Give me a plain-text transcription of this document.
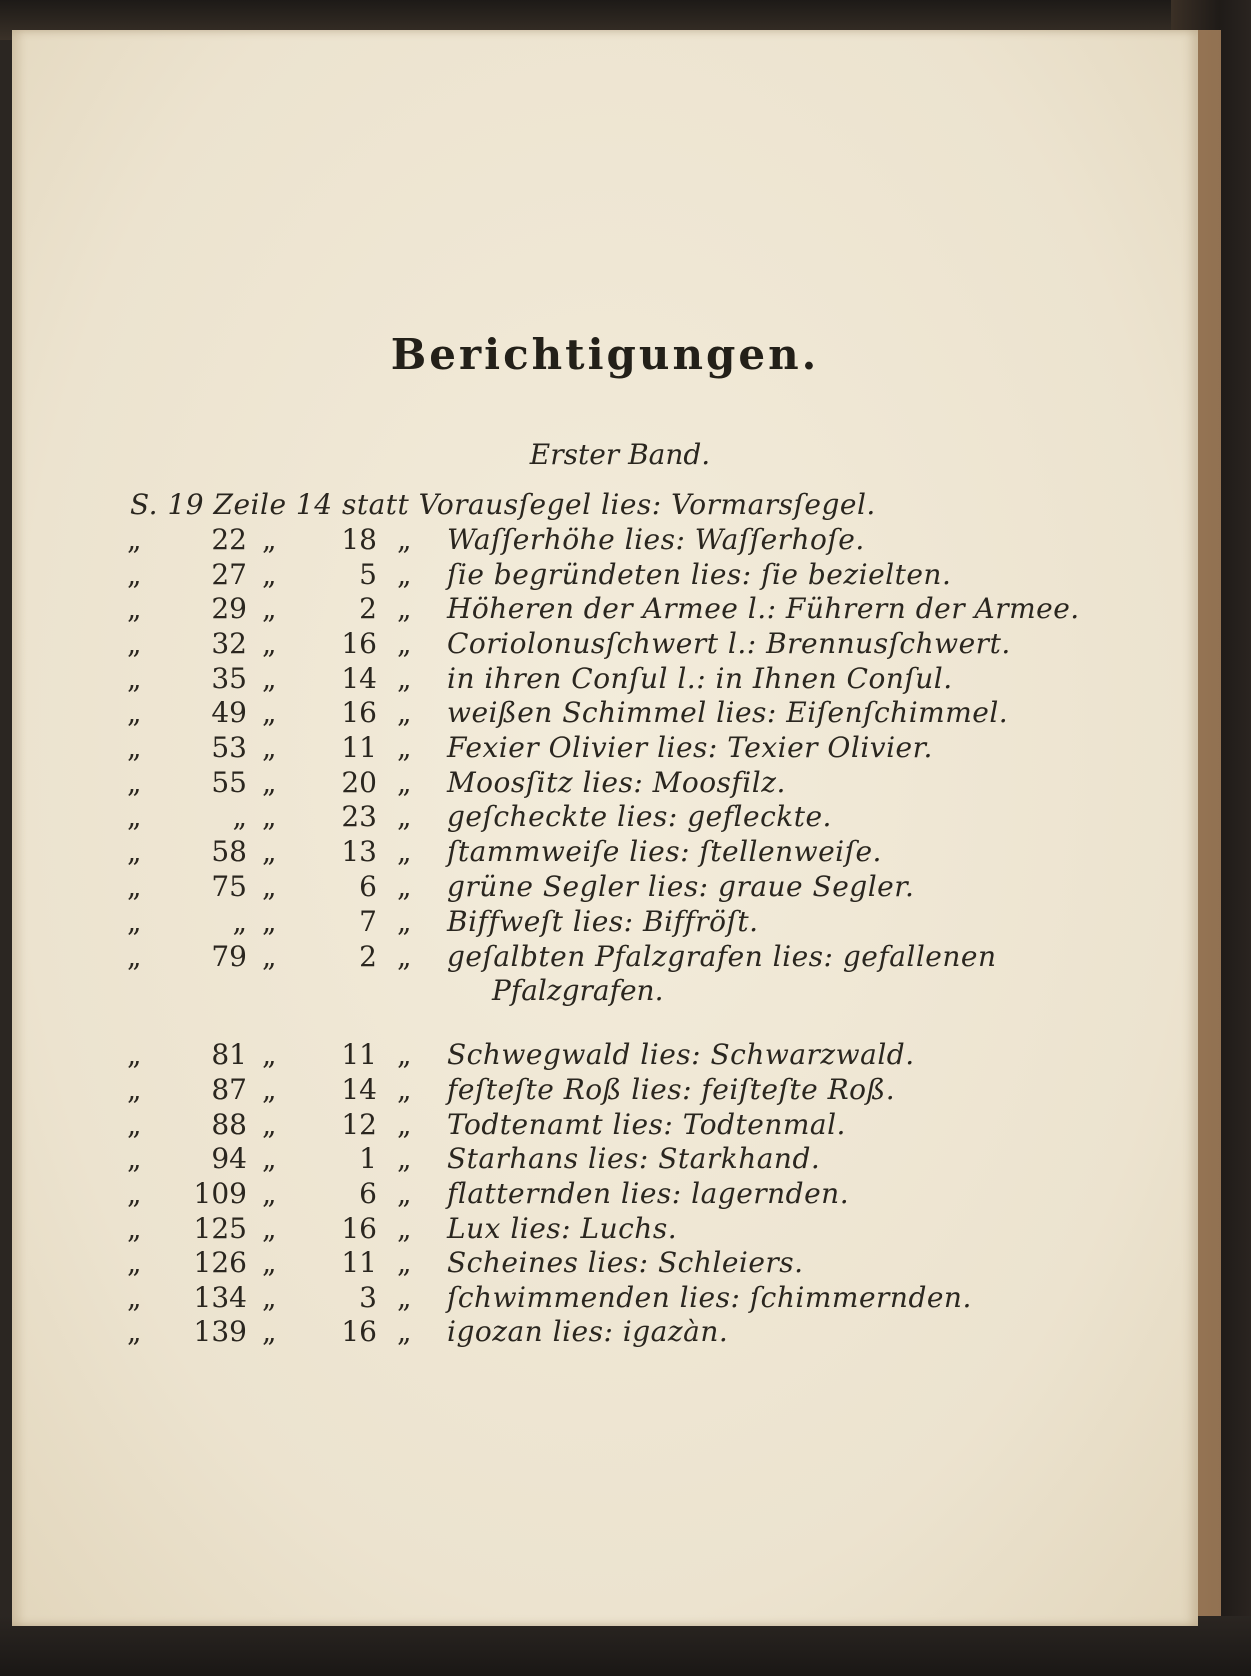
Berichtigungen.
Erster Band.
S. 19 Zeile 14 statt Vorausſegel lies: Vormarsſegel.
„	22 „	18 „	Waſſerhöhe lies: Waſſerhoſe.
„	27 „	5 „	ſie begründeten lies: ſie bezielten.
„	29 „	2 „	Höheren der Armee l.: Führern der Armee.
„	32 „	16 „	Coriolonusſchwert l.: Brennusſchwert.
„	35 „	14 „	in ihren Conſul l.: in Ihnen Conſul.
„	49 „	16 „	weißen Schimmel lies: Eiſenſchimmel.
„	53 „	11 „	Fexier Olivier lies: Texier Olivier.
„	55 „	20 „	Moosſitz lies: Moosfilz.
„	„ „	23 „	geſcheckte lies: gefleckte.
„	58 „	13 „	ſtammweiſe lies: ſtellenweiſe.
„	75 „	6 „	grüne Segler lies: graue Segler.
„	„ „	7 „	Biffweſt lies: Biffröſt.
„	79 „	2 „	geſalbten Pfalzgrafen lies: gefallenen
Pfalzgrafen.
„	81 „	11 „	Schwegwald lies: Schwarzwald.
„	87 „	14 „	feſteſte Roß lies: feiſteſte Roß.
„	88 „	12 „	Todtenamt lies: Todtenmal.
„	94 „	1 „	Starhans lies: Starkhand.
„	109 „	6 „	flatternden lies: lagernden.
„	125 „	16 „	Lux lies: Luchs.
„	126 „	11 „	Scheines lies: Schleiers.
„	134 „	3 „	ſchwimmenden lies: ſchimmernden.
„	139 „	16 „	igozan lies: igazàn.
